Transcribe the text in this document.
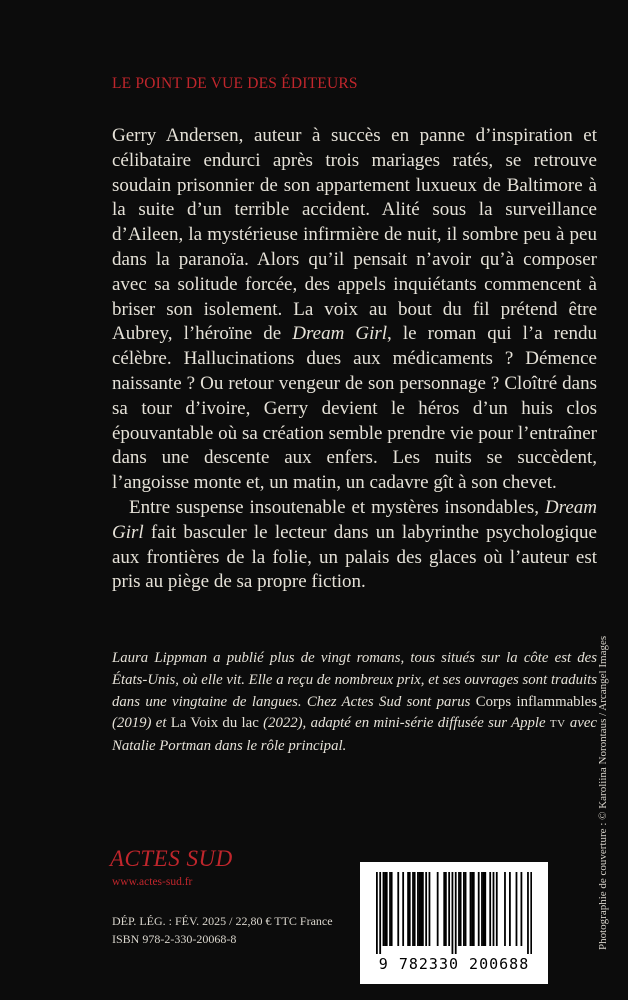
LE POINT DE VUE DES ÉDITEURS

Gerry Andersen, auteur à succès en panne d’inspiration et célibataire endurci après trois mariages ratés, se retrouve soudain prisonnier de son appartement luxueux de Baltimore à la suite d’un terrible accident. Alité sous la surveillance d’Aileen, la mystérieuse infirmière de nuit, il sombre peu à peu dans la paranoïa. Alors qu’il pensait n’avoir qu’à composer avec sa solitude forcée, des appels inquiétants commencent à briser son isolement. La voix au bout du fil prétend être Aubrey, l’héroïne de Dream Girl, le roman qui l’a rendu célèbre. Hallucinations dues aux médicaments ? Démence naissante ? Ou retour vengeur de son personnage ? Cloîtré dans sa tour d’ivoire, Gerry devient le héros d’un huis clos épouvantable où sa création semble prendre vie pour l’entraîner dans une descente aux enfers. Les nuits se succèdent, l’angoisse monte et, un matin, un cadavre gît à son chevet.

Entre suspense insoutenable et mystères insondables, Dream Girl fait basculer le lecteur dans un labyrinthe psychologique aux frontières de la folie, un palais des glaces où l’auteur est pris au piège de sa propre fiction.

Laura Lippman a publié plus de vingt romans, tous situés sur la côte est des États-Unis, où elle vit. Elle a reçu de nombreux prix, et ses ouvrages sont traduits dans une vingtaine de langues. Chez Actes Sud sont parus Corps inflammables (2019) et La Voix du lac (2022), adapté en mini-série diffusée sur Apple TV avec Natalie Portman dans le rôle principal.
ACTES SUD
www.actes-sud.fr
DÉP. LÉG. : FÉV. 2025 / 22,80 € TTC France
ISBN 978-2-330-20068-8
9 782330 200688
Photographie de couverture : © Karoliina Norontaus / Arcangel Images
